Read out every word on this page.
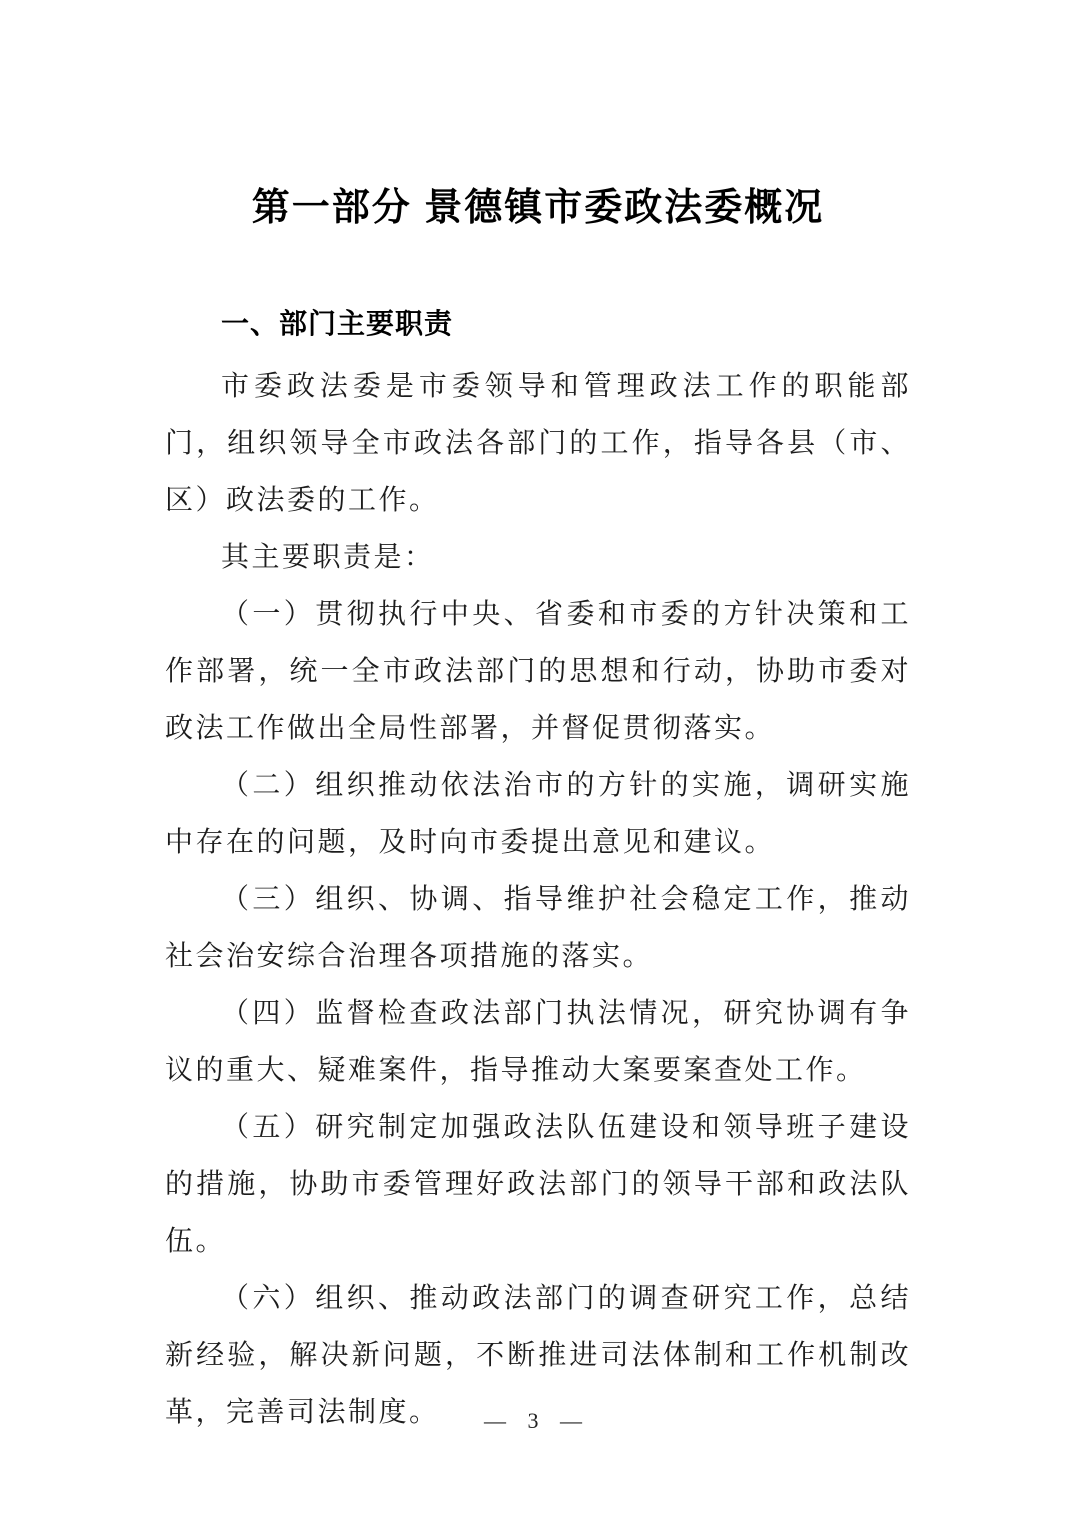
第一部分 景德镇市委政法委概况
一、部门主要职责

市委政法委是市委领导和管理政法工作的职能部门，组织领导全市政法各部门的工作，指导各县（市、区）政法委的工作。

其主要职责是：

（一）贯彻执行中央、省委和市委的方针决策和工作部署，统一全市政法部门的思想和行动，协助市委对政法工作做出全局性部署，并督促贯彻落实。

（二）组织推动依法治市的方针的实施，调研实施中存在的问题，及时向市委提出意见和建议。

（三）组织、协调、指导维护社会稳定工作，推动社会治安综合治理各项措施的落实。

（四）监督检查政法部门执法情况，研究协调有争议的重大、疑难案件，指导推动大案要案查处工作。

（五）研究制定加强政法队伍建设和领导班子建设的措施，协助市委管理好政法部门的领导干部和政法队伍。

（六）组织、推动政法部门的调查研究工作，总结新经验，解决新问题，不断推进司法体制和工作机制改革，完善司法制度。	— 3 —
